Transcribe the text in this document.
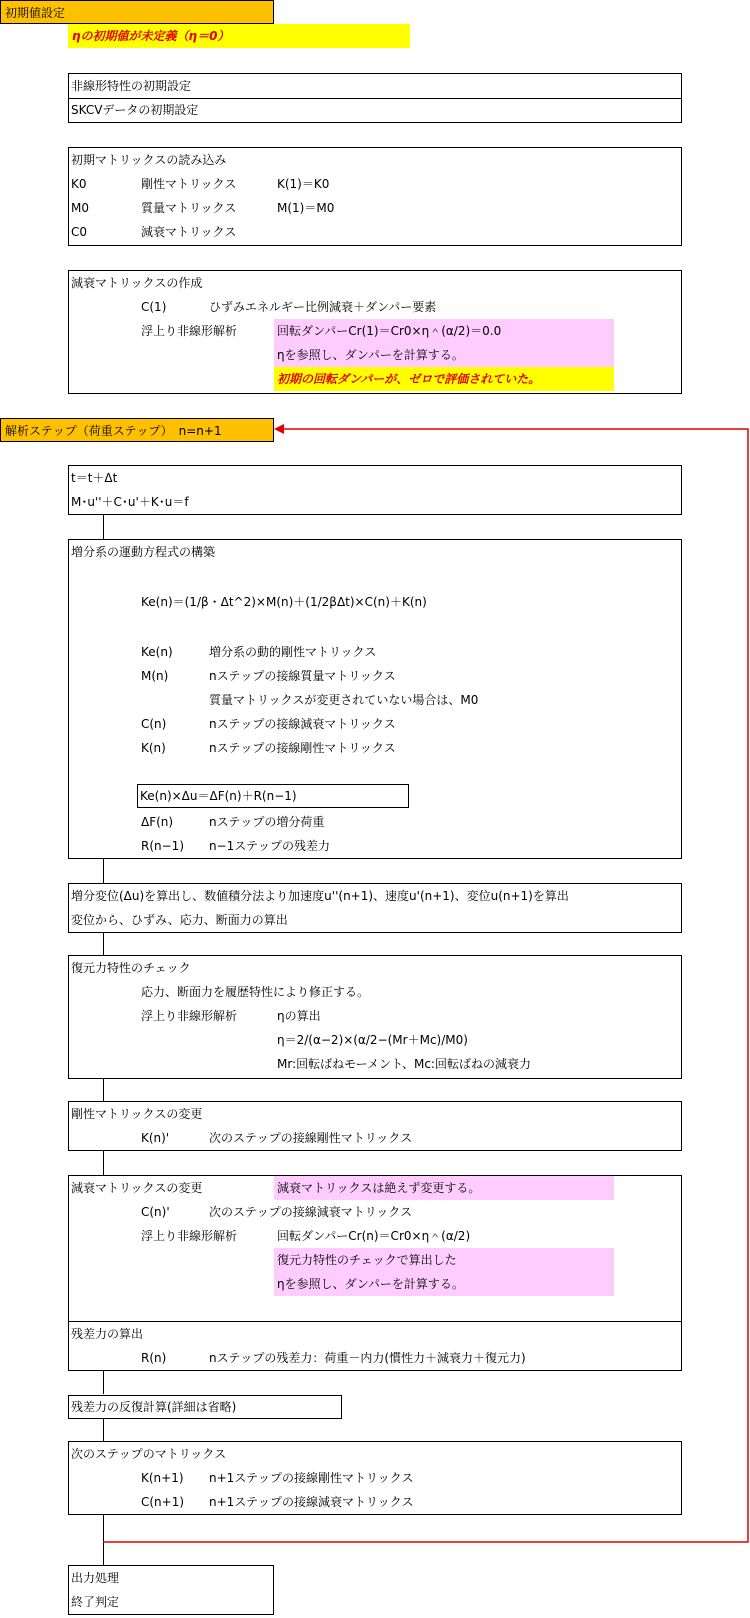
初期値設定
ηの初期値が未定義（η＝0）
非線形特性の初期設定
SKCVデータの初期設定
初期マトリックスの読み込み
K0	剛性マトリックス	K(1)＝K0
M0	質量マトリックス	M(1)＝M0
C0	減衰マトリックス
減衰マトリックスの作成
C(1)	ひずみエネルギー比例減衰＋ダンパー要素
浮上り非線形解析	回転ダンパーCr(1)＝Cr0×η＾(α/2)＝0.0
ηを参照し、ダンパーを計算する。
初期の回転ダンパーが、ゼロで評価されていた。
解析ステップ（荷重ステップ）　n=n+1
t＝t＋Δt
M･u''＋C･u'＋K･u＝f
増分系の運動方程式の構築
Ke(n)＝(1/β・Δt^2)×M(n)＋(1/2βΔt)×C(n)＋K(n)
Ke(n)	増分系の動的剛性マトリックス
M(n)	nステップの接線質量マトリックス
質量マトリックスが変更されていない場合は、M0
C(n)	nステップの接線減衰マトリックス
K(n)	nステップの接線剛性マトリックス
Ke(n)×Δu＝ΔF(n)＋R(n−1)
ΔF(n)	nステップの増分荷重
R(n−1) n−1ステップの残差力
増分変位(Δu)を算出し、数値積分法より加速度u''(n+1)、速度u'(n+1)、変位u(n+1)を算出
変位から、ひずみ、応力、断面力の算出
復元力特性のチェック
応力、断面力を履歴特性により修正する。
浮上り非線形解析	ηの算出
η＝2/(α−2)×(α/2−(Mr＋Mc)/M0)
Mr:回転ばねモーメント、Mc:回転ばねの減衰力
剛性マトリックスの変更
K(n)'	次のステップの接線剛性マトリックス
減衰マトリックスの変更	減衰マトリックスは絶えず変更する。
C(n)'	次のステップの接線減衰マトリックス
浮上り非線形解析	回転ダンパーCr(n)＝Cr0×η＾(α/2)
復元力特性のチェックで算出した
ηを参照し、ダンパーを計算する。
残差力の算出
R(n)	nステップの残差力：荷重－内力(慣性力＋減衰力＋復元力)
残差力の反復計算(詳細は省略)
次のステップのマトリックス
K(n+1) n+1ステップの接線剛性マトリックス
C(n+1) n+1ステップの接線減衰マトリックス
出力処理
終了判定
